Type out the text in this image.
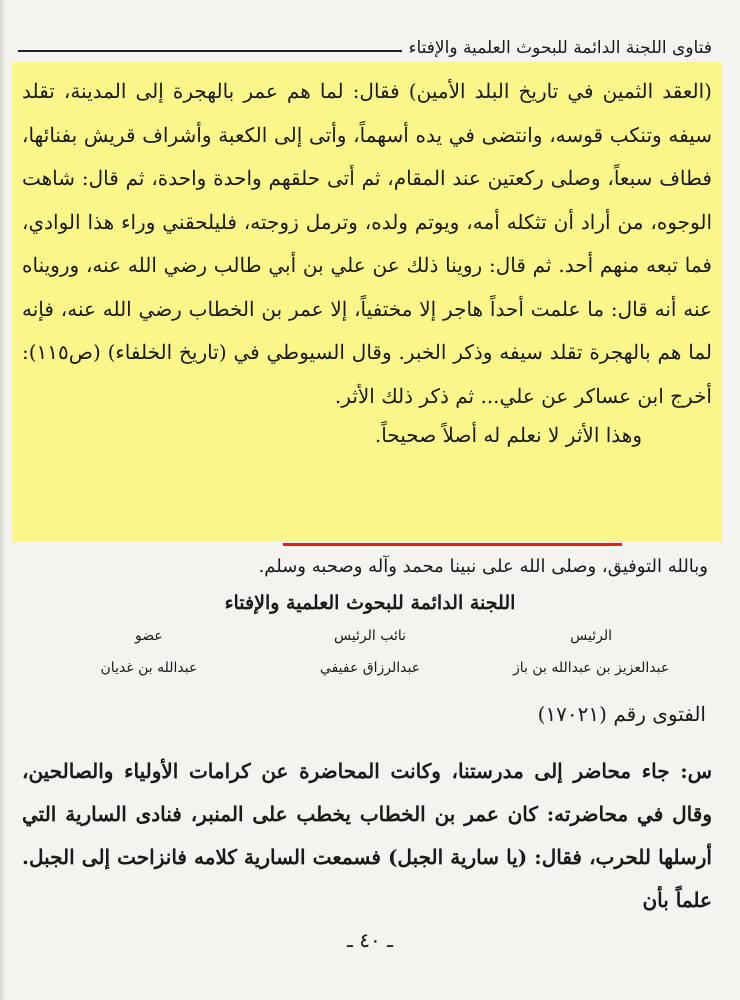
فتاوى اللجنة الدائمة للبحوث العلمية والإفتاء

(العقد الثمين في تاريخ البلد الأمين) فقال: لما هم عمر بالهجرة إلى المدينة، تقلد سيفه وتنكب قوسه، وانتضى في يده أسهماً، وأتى إلى الكعبة وأشراف قريش بفنائها، فطاف سبعاً، وصلى ركعتين عند المقام، ثم أتى حلقهم واحدة واحدة، ثم قال: شاهت الوجوه، من أراد أن تثكله أمه، ويوتم ولده، وترمل زوجته، فليلحقني وراء هذا الوادي، فما تبعه منهم أحد. ثم قال: روينا ذلك عن علي بن أبي طالب رضي الله عنه، ورويناه عنه أنه قال: ما علمت أحداً هاجر إلا مختفياً، إلا عمر بن الخطاب رضي الله عنه، فإنه لما هم بالهجرة تقلد سيفه وذكر الخبر. وقال السيوطي في (تاريخ الخلفاء) (ص١١٥): أخرج ابن عساكر عن علي... ثم ذكر ذلك الأثر.

وهذا الأثر لا نعلم له أصلاً صحيحاً.

وبالله التوفيق، وصلى الله على نبينا محمد وآله وصحبه وسلم.
اللجنة الدائمة للبحوث العلمية والإفتاء
الرئيس
نائب الرئيس
عضو
عبدالعزيز بن عبدالله بن باز
عبدالرزاق عفيفي
عبدالله بن غديان
الفتوى رقم (١٧٠٢١)

س: جاء محاضر إلى مدرستنا، وكانت المحاضرة عن كرامات الأولياء والصالحين، وقال في محاضرته: كان عمر بن الخطاب يخطب على المنبر، فنادى السارية التي أرسلها للحرب، فقال: (يا سارية الجبل) فسمعت السارية كلامه فانزاحت إلى الجبل. علماً بأن

ـ ٤٠ ـ
